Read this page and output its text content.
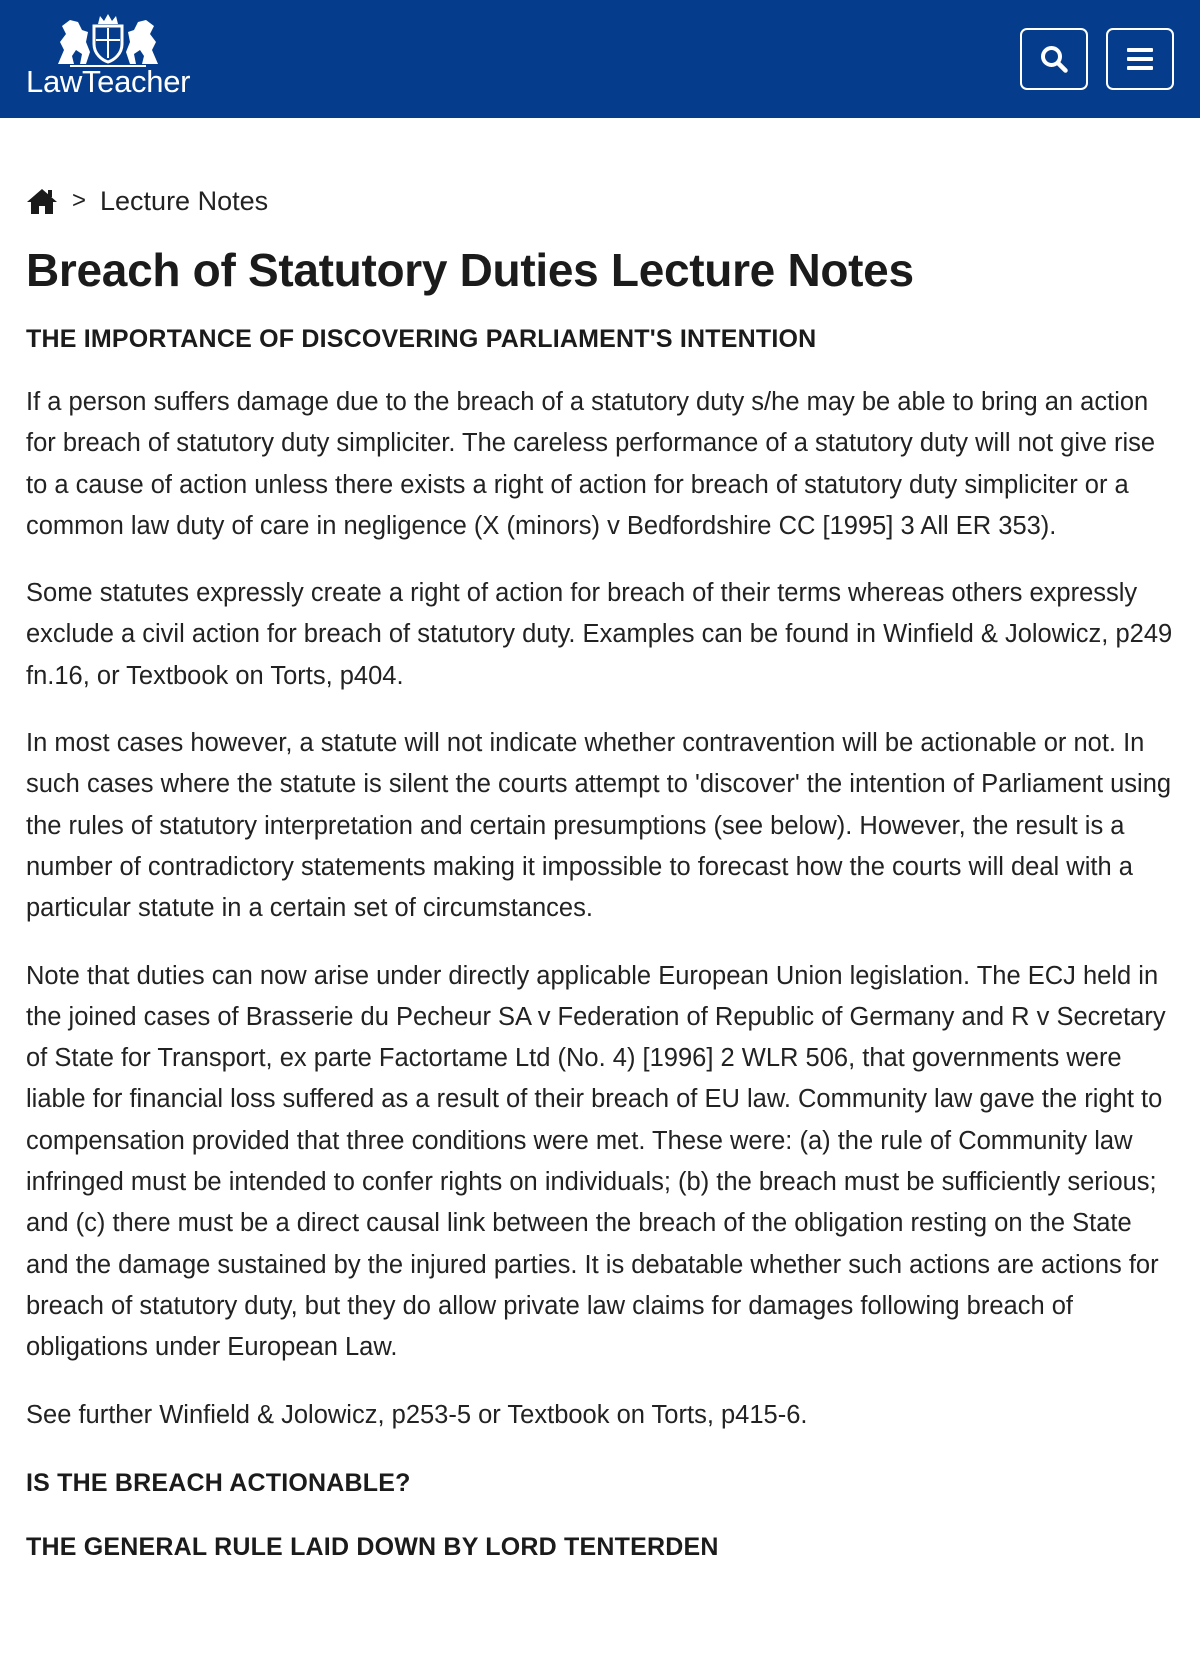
LawTeacher
> Lecture Notes
Breach of Statutory Duties Lecture Notes
THE IMPORTANCE OF DISCOVERING PARLIAMENT'S INTENTION

If a person suffers damage due to the breach of a statutory duty s/he may be able to bring an action for breach of statutory duty simpliciter. The careless performance of a statutory duty will not give rise to a cause of action unless there exists a right of action for breach of statutory duty simpliciter or a common law duty of care in negligence (X (minors) v Bedfordshire CC [1995] 3 All ER 353).

Some statutes expressly create a right of action for breach of their terms whereas others expressly exclude a civil action for breach of statutory duty. Examples can be found in Winfield & Jolowicz, p249 fn.16, or Textbook on Torts, p404.

In most cases however, a statute will not indicate whether contravention will be actionable or not. In such cases where the statute is silent the courts attempt to 'discover' the intention of Parliament using the rules of statutory interpretation and certain presumptions (see below). However, the result is a number of contradictory statements making it impossible to forecast how the courts will deal with a particular statute in a certain set of circumstances.

Note that duties can now arise under directly applicable European Union legislation. The ECJ held in the joined cases of Brasserie du Pecheur SA v Federation of Republic of Germany and R v Secretary of State for Transport, ex parte Factortame Ltd (No. 4) [1996] 2 WLR 506, that governments were liable for financial loss suffered as a result of their breach of EU law. Community law gave the right to compensation provided that three conditions were met. These were: (a) the rule of Community law infringed must be intended to confer rights on individuals; (b) the breach must be sufficiently serious; and (c) there must be a direct causal link between the breach of the obligation resting on the State and the damage sustained by the injured parties. It is debatable whether such actions are actions for breach of statutory duty, but they do allow private law claims for damages following breach of obligations under European Law.

See further Winfield & Jolowicz, p253-5 or Textbook on Torts, p415-6.

IS THE BREACH ACTIONABLE?
THE GENERAL RULE LAID DOWN BY LORD TENTERDEN
